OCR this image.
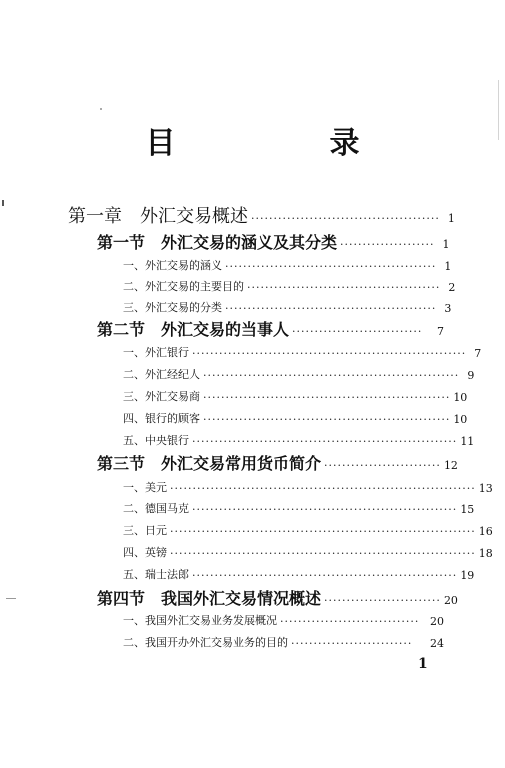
目　录
第一章　外汇交易概述 ·········································· 1
第一节　外汇交易的涵义及其分类 ····················· 1
一、外汇交易的涵义 ··············································· 1
二、外汇交易的主要目的 ··········································· 2
三、外汇交易的分类 ··············································· 3
第二节　外汇交易的当事人 ·····························	7
一、外汇银行 ····························································· 7
二、外汇经纪人 ························································· 9
三、外汇交易商 ······················································· 10
四、银行的顾客 ······················································· 10
五、中央银行 ··························································· 11
第三节　外汇交易常用货币简介 ·························· 12
一、美元 ···································································· 13
二、德国马克 ··························································· 15
三、日元 ···································································· 16
四、英镑 ···································································· 18
五、瑞士法郎 ··························································· 19
第四节　我国外汇交易情况概述 ·························· 20
一、我国外汇交易业务发展概况 ······························· 20
二、我国开办外汇交易业务的目的 ···························	24
1
